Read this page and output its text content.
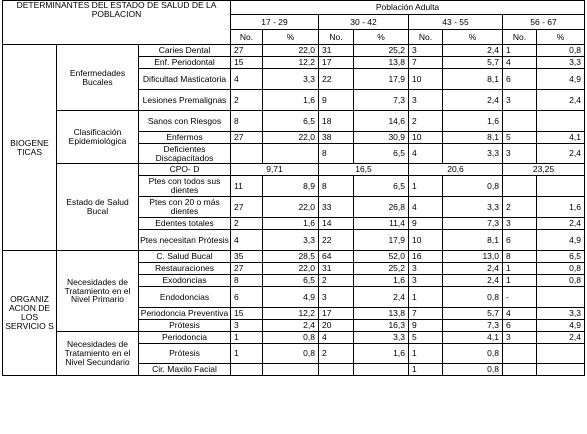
DETERMINANTES DEL ESTADO DE SALUD DE LA POBLACION			Población Adulta							
			17 - 29		30 - 42		43 - 55		56 - 67	
			No.	%	No.	%	No.	%	No.	%
BIOGENE TICAS	Enfermedades Bucales	Caries Dental	27	22,0	31	25,2	3	2,4	1	0,8
		Enf. Periodontal	15	12,2	17	13,8	7	5,7	4	3,3
		Dificultad Masticatoria	4	3,3	22	17,9	10	8,1	6	4,9
		Lesiones Premalignas	2	1,6	9	7,3	3	2,4	3	2,4
	Clasificación Epidemiológica	Sanos con Riesgos	8	6,5	18	14,6	2	1,6		
		Enfermos	27	22,0	38	30,9	10	8,1	5	4,1
		Deficientes Discapacitados			8	6,5	4	3,3	3	2,4
	Estado de Salud Bucal	CPO- D	9,71		16,5		20,6		23,25	
		Ptes con todos sus dientes	11	8,9	8	6,5	1	0,8		
		Ptes con 20 o más dientes	27	22,0	33	26,8	4	3,3	2	1,6
		Edentes totales	2	1,6	14	11,4	9	7,3	3	2,4
		Ptes necesitan Prótesis	4	3,3	22	17,9	10	8,1	6	4,9
ORGANIZ ACION DE LOS SERVICIO S	Necesidades de Tratamiento en el Nivel Primario	C. Salud Bucal	35	28,5	64	52,0	16	13,0	8	6,5
		Restauraciones	27	22,0	31	25,2	3	2,4	1	0,8
		Exodoncias	8	6,5	2	1,6	3	2,4	1	0,8
		Endodoncias	6	4,9	3	2,4	1	0,8	-	
		Periodoncia Preventiva	15	12,2	17	13,8	7	5,7	4	3,3
		Prótesis	3	2,4	20	16,3	9	7,3	6	4,9
	Necesidades de Tratamiento en el Nivel Secundario	Periodoncia	1	0,8	4	3,3	5	4,1	3	2,4
		Prótesis	1	0,8	2	1,6	1	0,8		
		Cir. Maxilo Facial					1	0,8		
